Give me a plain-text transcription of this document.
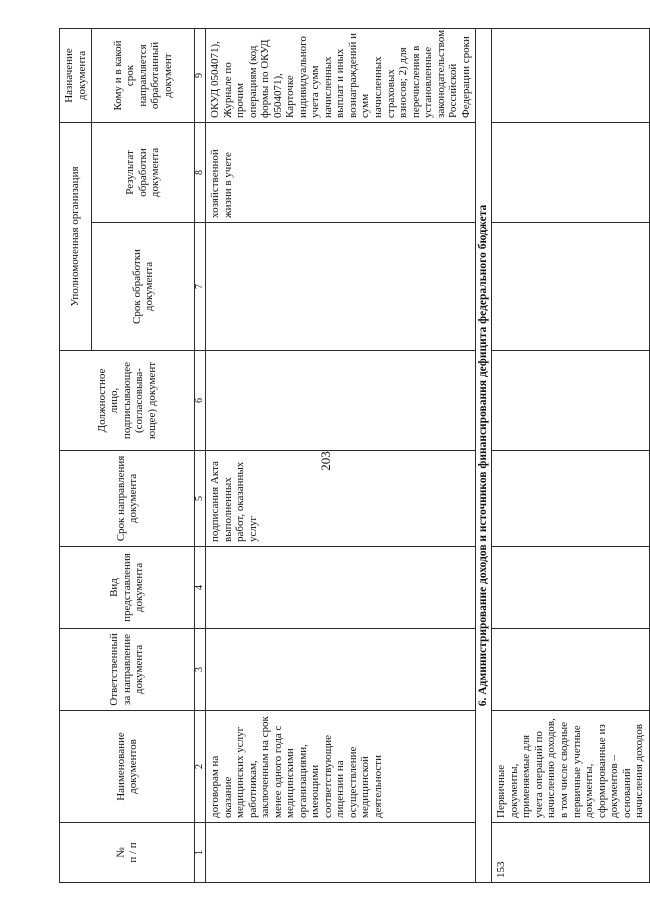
203
№
п / п	Наименование документов	Ответственный за направление документа	Вид представления документа	Срок направления документа	Должностное лицо, подписывающее (согласовывающее) документ	Уполномоченная организация		Назначение документа
						Срок обработки документа	Результат обработки документа	Кому и в какой срок направляется обработанный документ
1	2	3	4	5	6	7	8	9
	договорам на оказание медицинских услуг работникам, заключенным на срок менее одного года с медицинскими организациями, имеющими соответствующие лицензии на осуществление медицинской деятельности			подписания Акта выполненных работ, оказанных услуг			хозяйственной жизни в учете	ОКУД 0504071), Журнале по прочим операциям (код формы по ОКУД 0504071), Карточке индивидуального учета сумм начисленных выплат и иных вознаграждений и сумм начисленных страховых взносов; 2) для перечисления в установленные законодательством Российской Федерации сроки
6. Администрирование доходов и источников финансирования дефицита федерального бюджета								
153	Первичные документы, применяемые для учета операций по начислению доходов, в том числе сводные первичные учетные документы, сформированные из документов – оснований начисления доходов							
